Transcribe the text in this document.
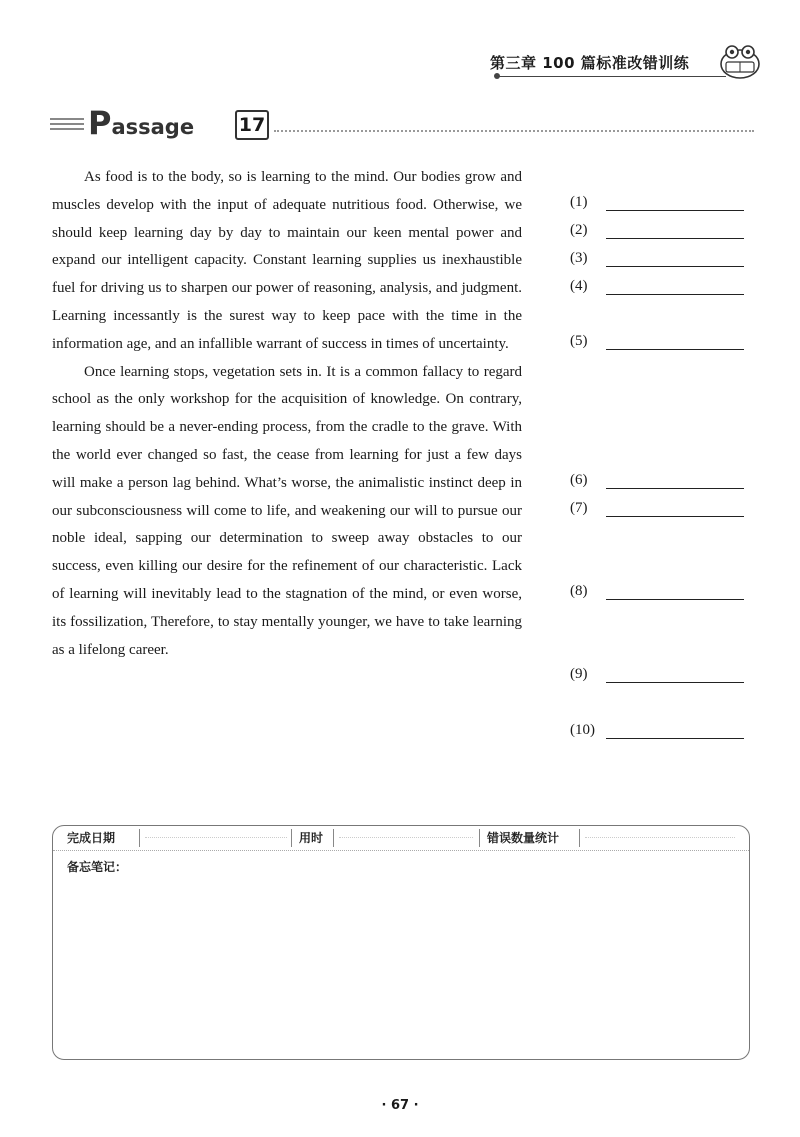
第三章 100 篇标准改错训练
Passage 17

As food is to the body, so is learning to the mind. Our bodies grow and muscles develop with the input of adequate nutritious food. Otherwise, we should keep learning day by day to maintain our keen mental power and expand our intelligent capacity. Constant learning supplies us inexhaustible fuel for driving us to sharpen our power of reasoning, analysis, and judgment. Learning incessantly is the surest way to keep pace with the time in the information age, and an infallible warrant of success in times of uncertainty.

Once learning stops, vegetation sets in. It is a common fallacy to regard school as the only workshop for the acquisition of knowledge. On contrary, learning should be a never-ending process, from the cradle to the grave. With the world ever changed so fast, the cease from learning for just a few days will make a person lag behind. What’s worse, the animalistic instinct deep in our subconsciousness will come to life, and weakening our will to pursue our noble ideal, sapping our determination to sweep away obstacles to our success, even killing our desire for the refinement of our characteristic. Lack of learning will inevitably lead to the stagnation of the mind, or even worse, its fossilization, Therefore, to stay mentally younger, we have to take learning as a lifelong career.

(1)
(2)
(3)
(4)
(5)
(6)
(7)
(8)
(9)
(10)
完成日期	用时	错误数量统计
备忘笔记：
· 67 ·
